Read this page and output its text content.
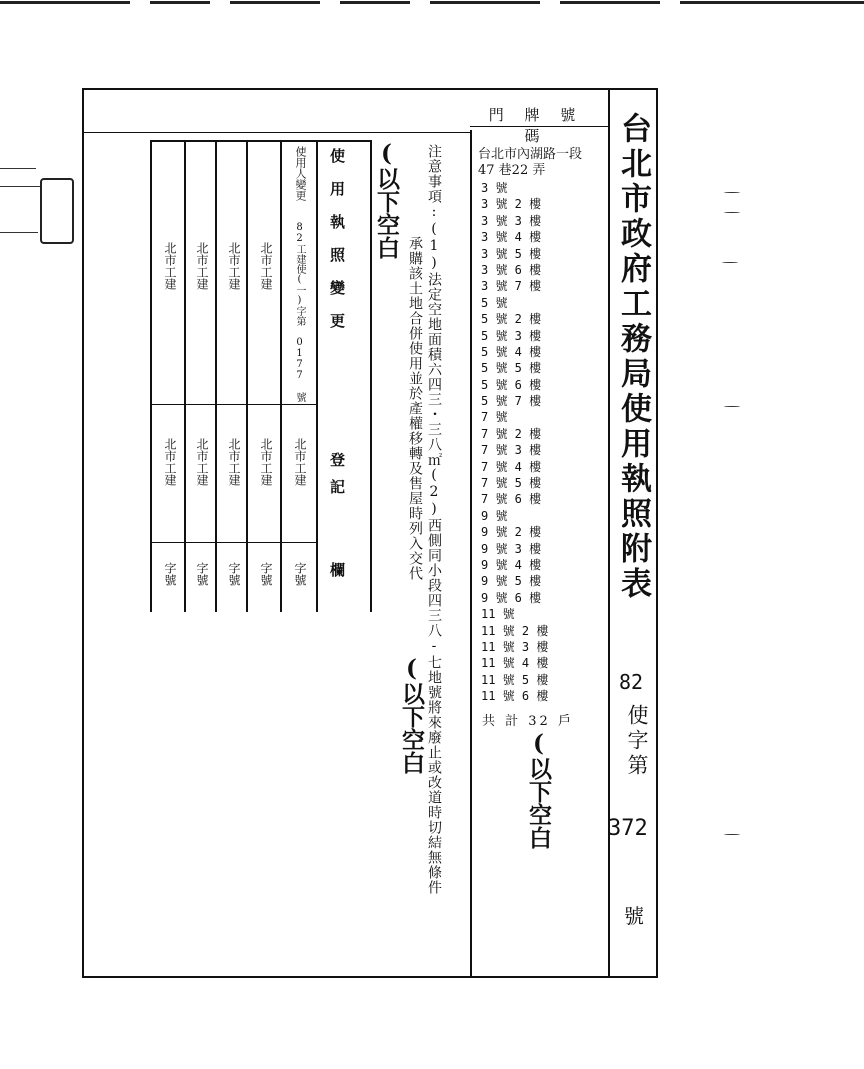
台北市政府工務局使用執照附表
82
使字第
372
號
門 牌 號 碼
台北市內湖路一段
47 巷22 弄
3 號
3 號 2 樓
3 號 3 樓
3 號 4 樓
3 號 5 樓
3 號 6 樓
3 號 7 樓
5 號
5 號 2 樓
5 號 3 樓
5 號 4 樓
5 號 5 樓
5 號 6 樓
5 號 7 樓
7 號
7 號 2 樓
7 號 3 樓
7 號 4 樓
7 號 5 樓
7 號 6 樓
9 號
9 號 2 樓
9 號 3 樓
9 號 4 樓
9 號 5 樓
9 號 6 樓
11 號
11 號 2 樓
11 號 3 樓
11 號 4 樓
11 號 5 樓
11 號 6 樓
共 計 32 戶
(以下空白
注意事項:(1)法定空地面積六四三・三八㎡(2)西側同小段四三八-七地號將來廢止或改道時切結無條件
承購該土地合併使用並於產權移轉及售屋時列入交代
(以下空白
(以下空白
使用執照變更
登記
欄
使用人變更
82工建使(一)字第 0177 號
北市工建
字號
北市工建
北市工建
字號
北市工建
北市工建
字號
北市工建
北市工建
字號
北市工建
北市工建
字號
